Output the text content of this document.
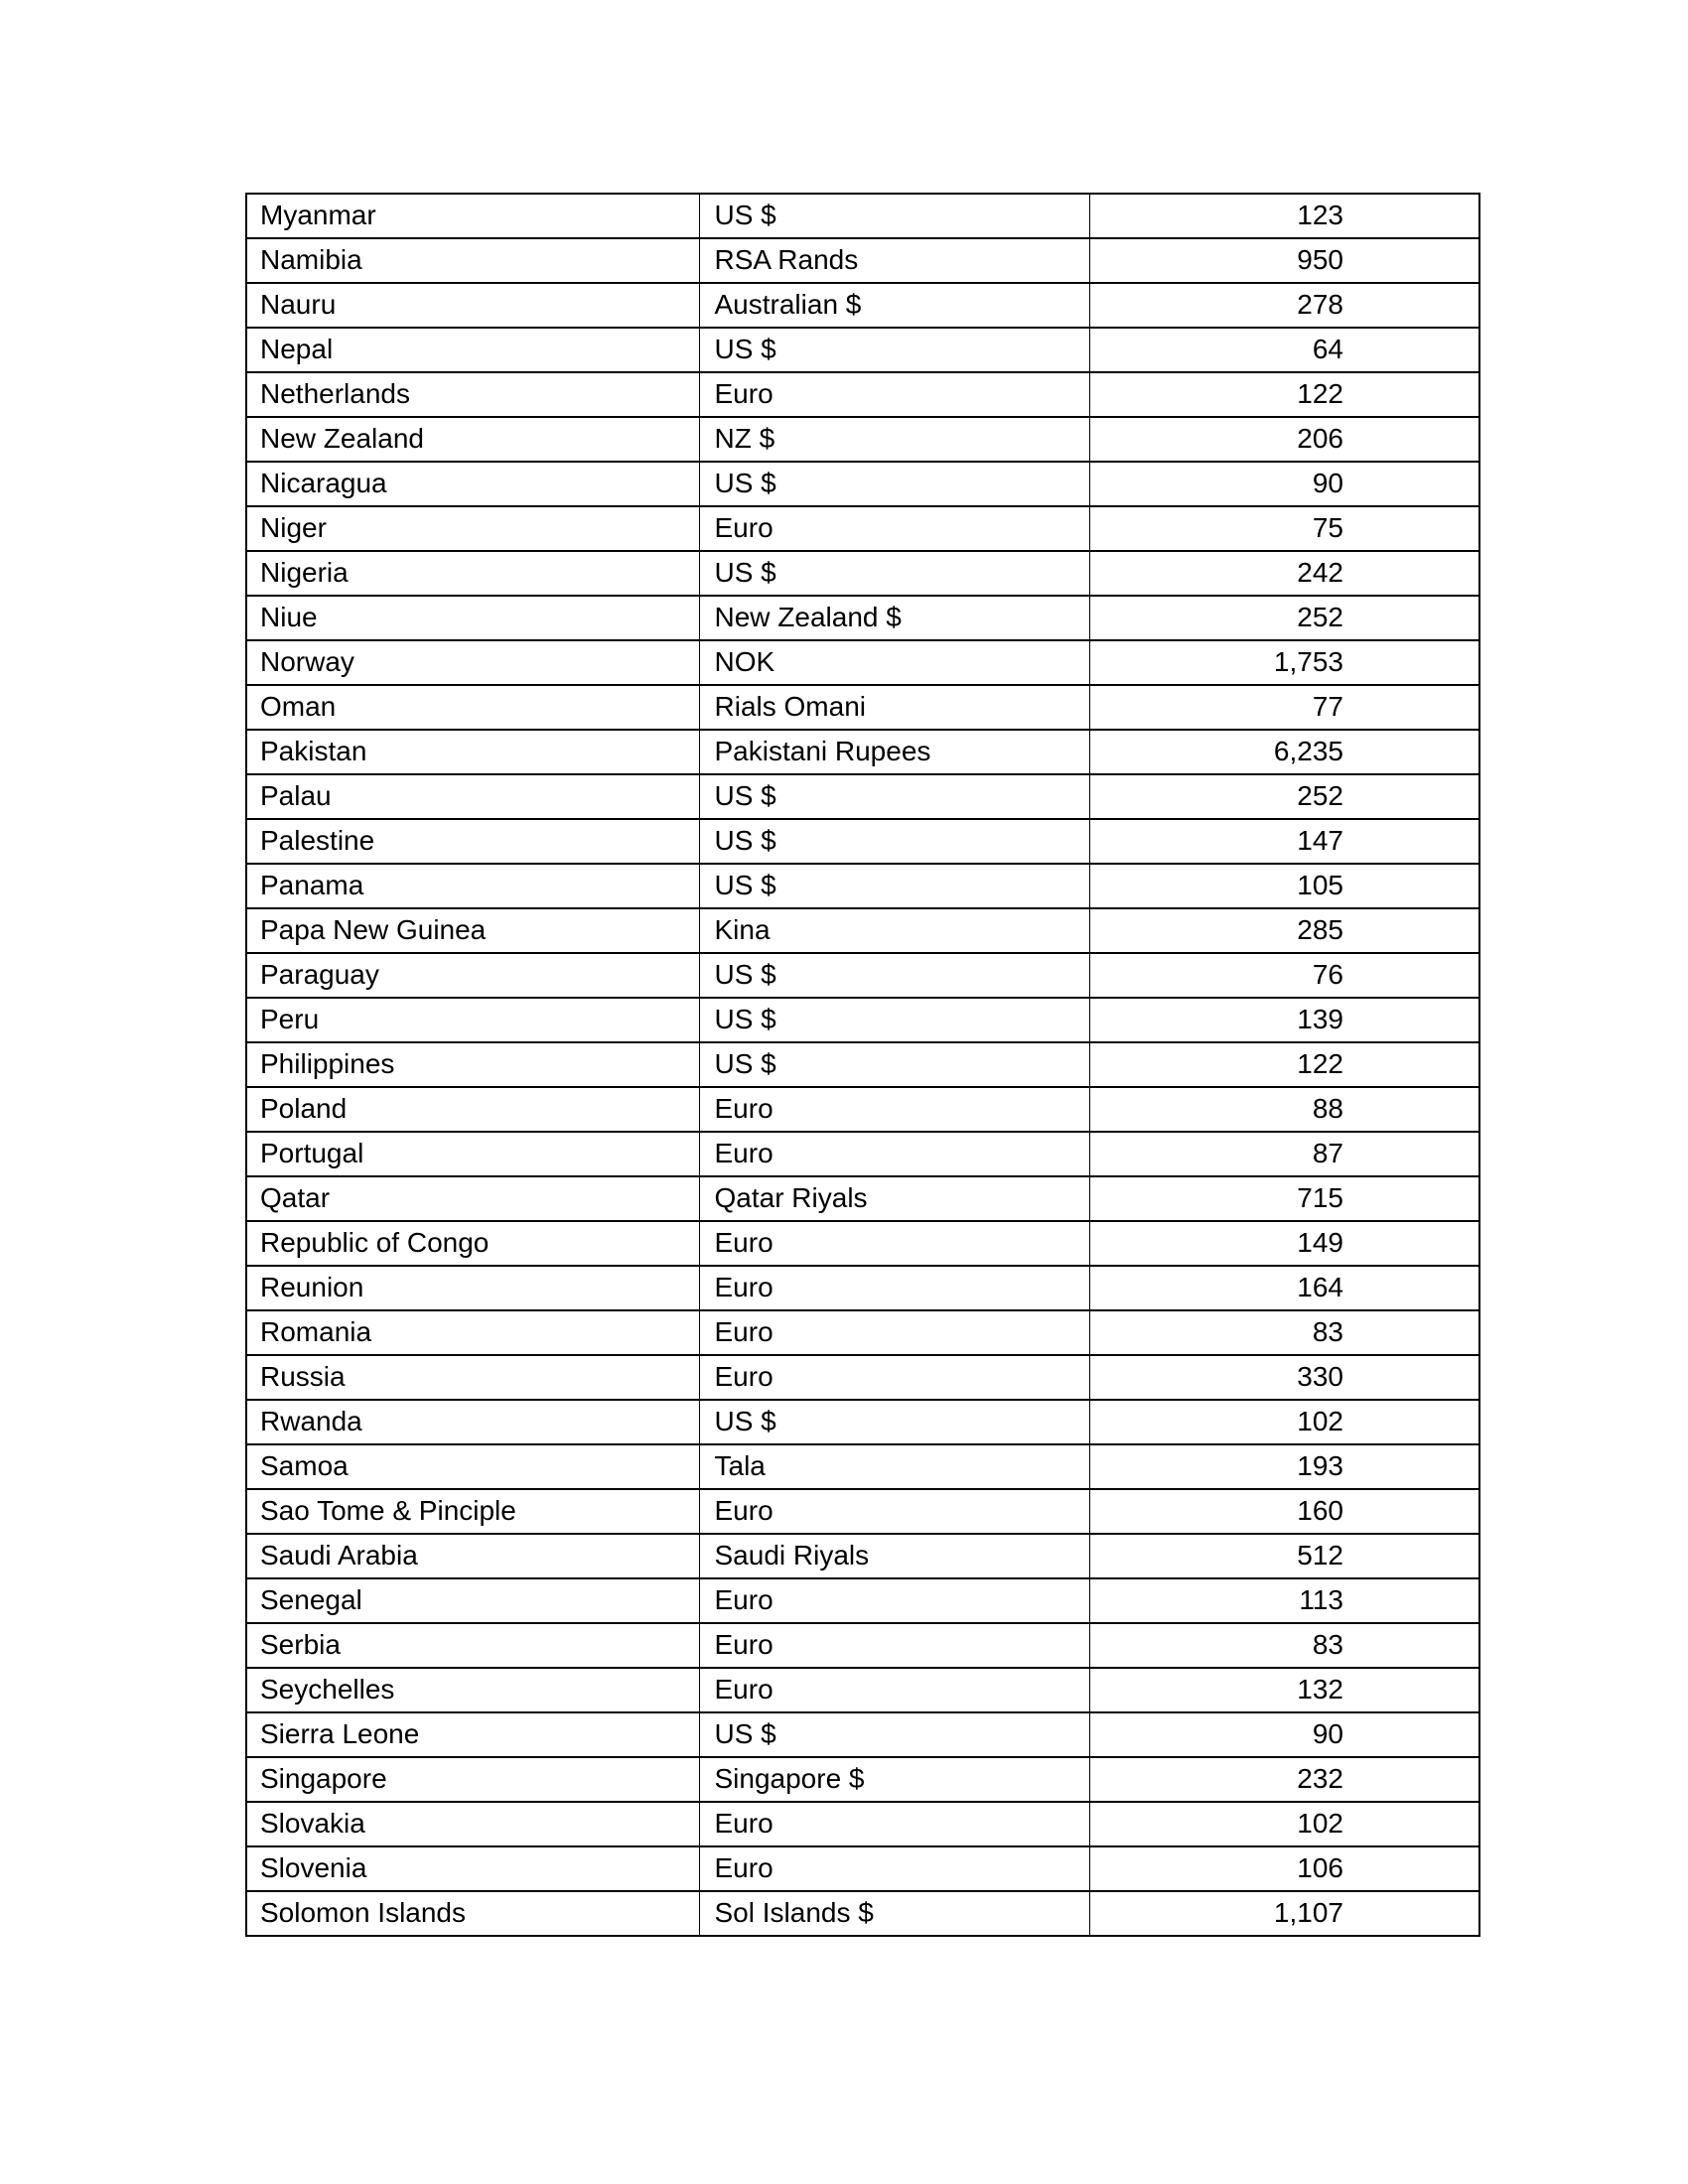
Myanmar	US $	123
Namibia	RSA Rands	950
Nauru	Australian $	278
Nepal	US $	64
Netherlands	Euro	122
New Zealand	NZ $	206
Nicaragua	US $	90
Niger	Euro	75
Nigeria	US $	242
Niue	New Zealand $	252
Norway	NOK	1,753
Oman	Rials Omani	77
Pakistan	Pakistani Rupees	6,235
Palau	US $	252
Palestine	US $	147
Panama	US $	105
Papa New Guinea	Kina	285
Paraguay	US $	76
Peru	US $	139
Philippines	US $	122
Poland	Euro	88
Portugal	Euro	87
Qatar	Qatar Riyals	715
Republic of Congo	Euro	149
Reunion	Euro	164
Romania	Euro	83
Russia	Euro	330
Rwanda	US $	102
Samoa	Tala	193
Sao Tome & Pinciple	Euro	160
Saudi Arabia	Saudi Riyals	512
Senegal	Euro	113
Serbia	Euro	83
Seychelles	Euro	132
Sierra Leone	US $	90
Singapore	Singapore $	232
Slovakia	Euro	102
Slovenia	Euro	106
Solomon Islands	Sol Islands $	1,107
